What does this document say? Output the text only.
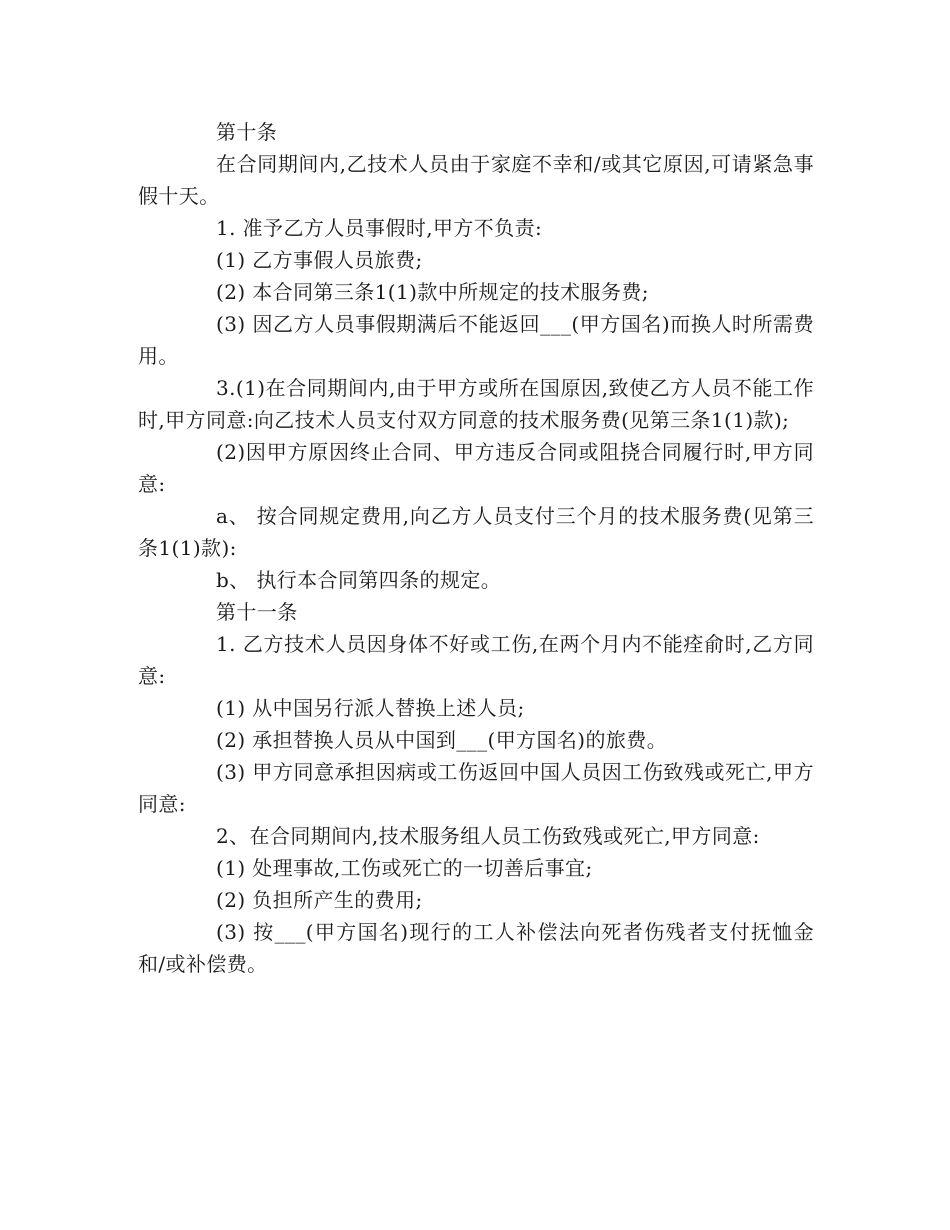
第十条

在合同期间内,乙技术人员由于家庭不幸和/或其它原因,可请紧急事假十天。

1. 准予乙方人员事假时,甲方不负责:

(1) 乙方事假人员旅费;

(2) 本合同第三条1(1)款中所规定的技术服务费;

(3) 因乙方人员事假期满后不能返回___(甲方国名)而换人时所需费用。

3.(1)在合同期间内,由于甲方或所在国原因,致使乙方人员不能工作时,甲方同意:向乙技术人员支付双方同意的技术服务费(见第三条1(1)款);

(2)因甲方原因终止合同、甲方违反合同或阻挠合同履行时,甲方同意:

a、 按合同规定费用,向乙方人员支付三个月的技术服务费(见第三条1(1)款):

b、 执行本合同第四条的规定。

第十一条

1. 乙方技术人员因身体不好或工伤,在两个月内不能痊俞时,乙方同意:

(1) 从中国另行派人替换上述人员;

(2) 承担替换人员从中国到___(甲方国名)的旅费。

(3) 甲方同意承担因病或工伤返回中国人员因工伤致残或死亡,甲方同意:

2、在合同期间内,技术服务组人员工伤致残或死亡,甲方同意:

(1) 处理事故,工伤或死亡的一切善后事宜;

(2) 负担所产生的费用;

(3) 按___(甲方国名)现行的工人补偿法向死者伤残者支付抚恤金和/或补偿费。
